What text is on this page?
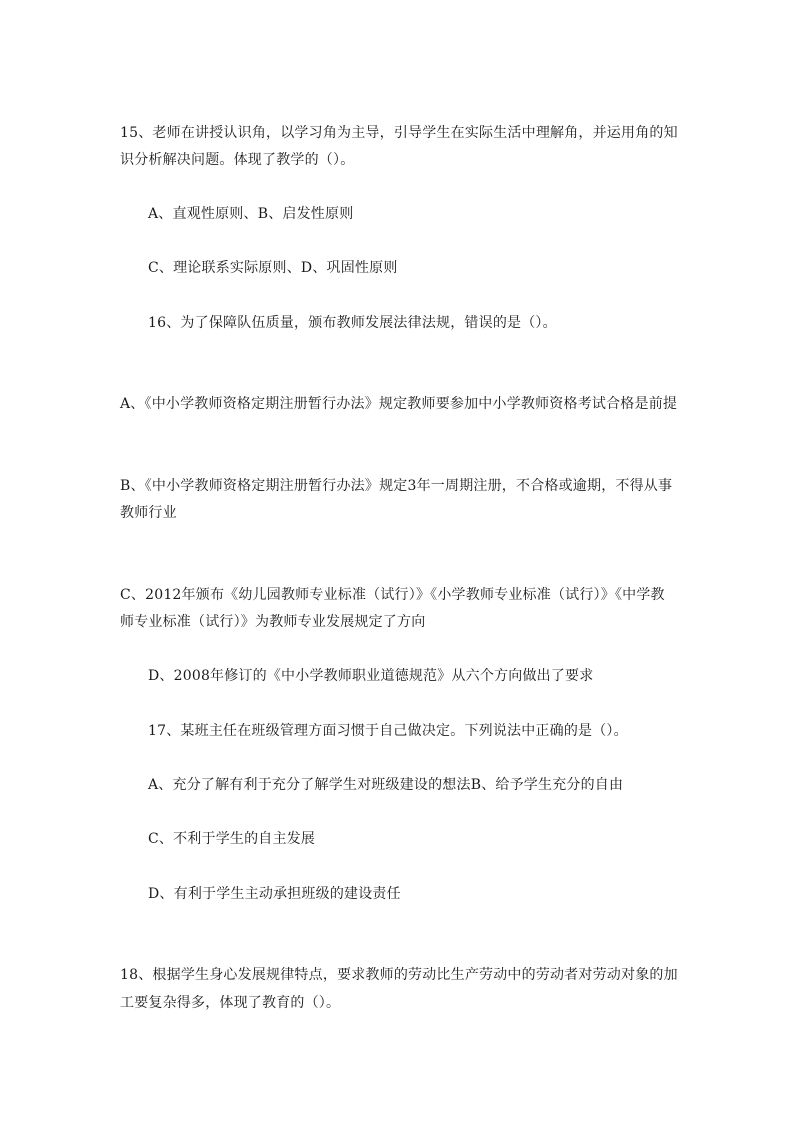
15、老师在讲授认识角，以学习角为主导，引导学生在实际生活中理解角，并运用角的知
识分析解决问题。体现了教学的（）。
A、直观性原则、B、启发性原则
C、理论联系实际原则、D、巩固性原则
16、为了保障队伍质量，颁布教师发展法律法规，错误的是（）。
A、《中小学教师资格定期注册暂行办法》规定教师要参加中小学教师资格考试合格是前提
B、《中小学教师资格定期注册暂行办法》规定3年一周期注册，不合格或逾期，不得从事
教师行业
C、2012年颁布《幼儿园教师专业标准（试行）》《小学教师专业标准（试行）》《中学教
师专业标准（试行）》为教师专业发展规定了方向
D、2008年修订的《中小学教师职业道德规范》从六个方向做出了要求
17、某班主任在班级管理方面习惯于自己做决定。下列说法中正确的是（）。
A、充分了解有利于充分了解学生对班级建设的想法B、给予学生充分的自由
C、不利于学生的自主发展
D、有利于学生主动承担班级的建设责任
18、根据学生身心发展规律特点，要求教师的劳动比生产劳动中的劳动者对劳动对象的加
工要复杂得多，体现了教育的（）。
